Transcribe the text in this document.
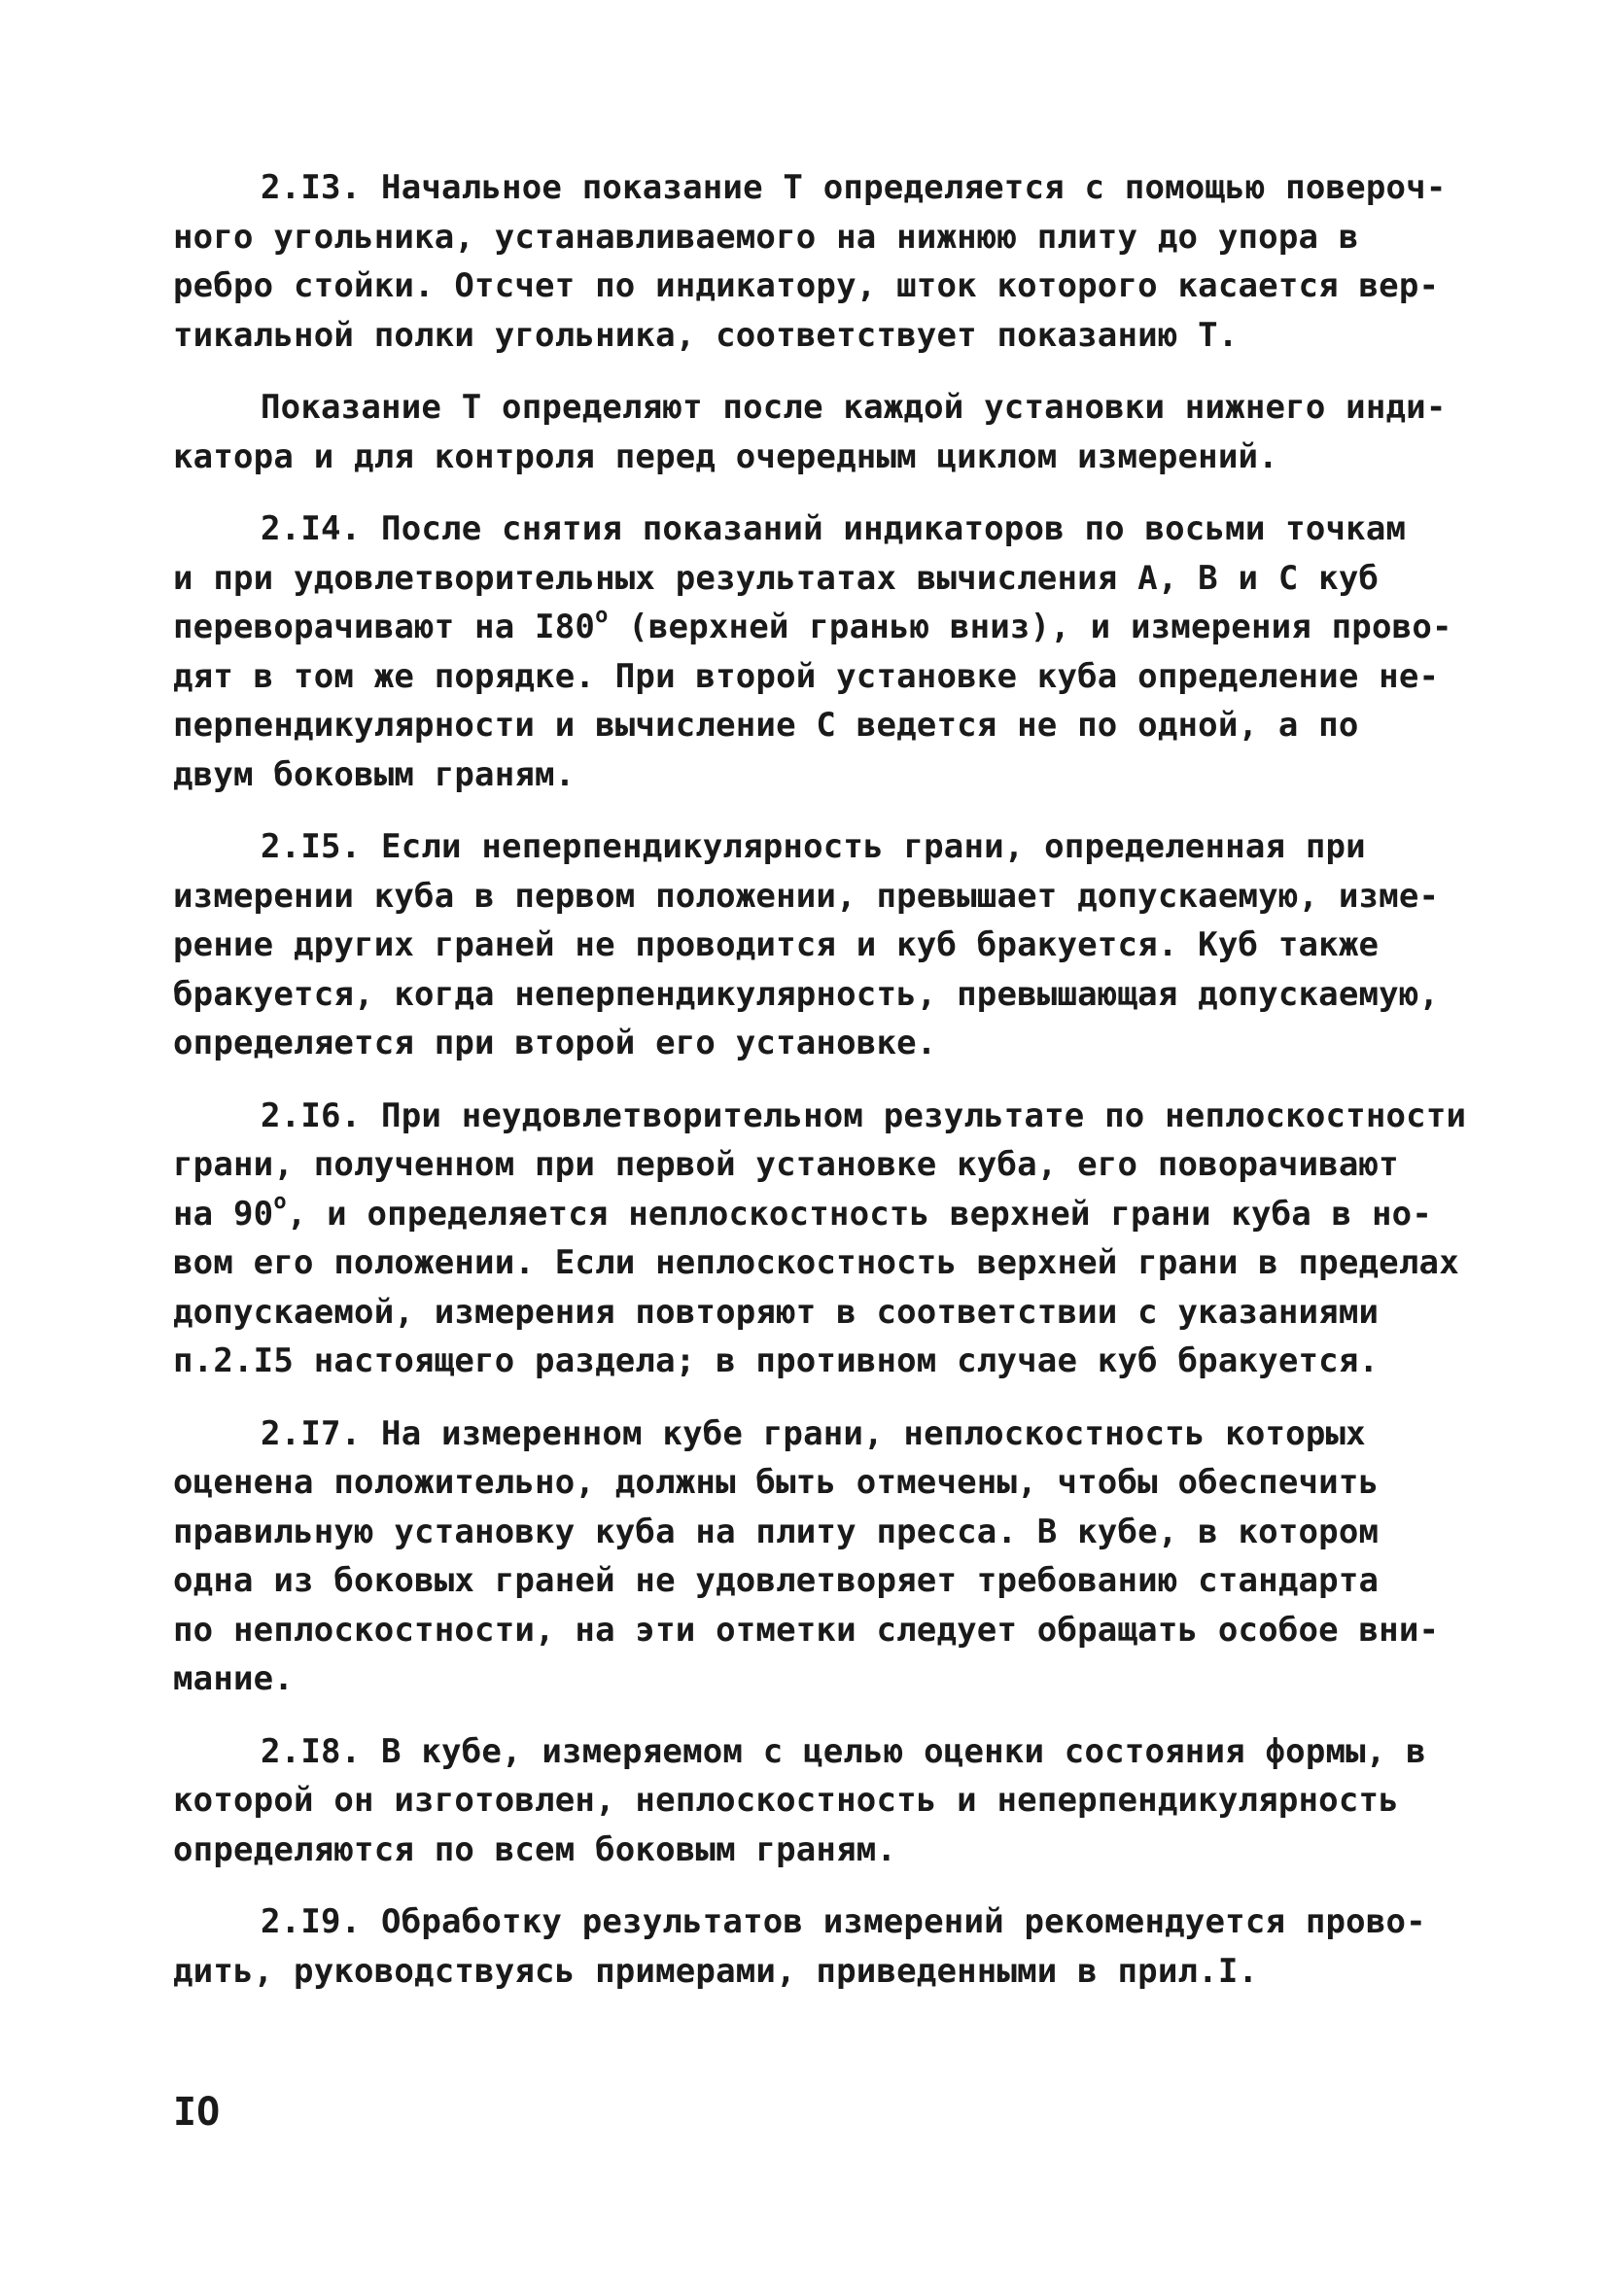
2.I3. Начальное показание Т определяется с помощью повероч-
ного угольника, устанавливаемого на нижнюю плиту до упора в
ребро стойки. Отсчет по индикатору, шток которого касается вер-
тикальной полки угольника, соответствует показанию Т.

Показание Т определяют после каждой установки нижнего инди-
катора и для контроля перед очередным циклом измерений.

2.I4. После снятия показаний индикаторов по восьми точкам
и при удовлетворительных результатах вычисления А, В и С куб
переворачивают на I80$^o$ (верхней гранью вниз), и измерения прово-
дят в том же порядке. При второй установке куба определение не-
перпендикулярности и вычисление С ведется не по одной, а по
двум боковым граням.

2.I5. Если неперпендикулярность грани, определенная при
измерении куба в первом положении, превышает допускаемую, изме-
рение других граней не проводится и куб бракуется. Куб также
бракуется, когда неперпендикулярность, превышающая допускаемую,
определяется при второй его установке.

2.I6. При неудовлетворительном результате по неплоскостности
грани, полученном при первой установке куба, его поворачивают
на 90$^o$, и определяется неплоскостность верхней грани куба в но-
вом его положении. Если неплоскостность верхней грани в пределах
допускаемой, измерения повторяют в соответствии с указаниями
п.2.I5 настоящего раздела; в противном случае куб бракуется.

2.I7. На измеренном кубе грани, неплоскостность которых
оценена положительно, должны быть отмечены, чтобы обеспечить
правильную установку куба на плиту пресса. В кубе, в котором
одна из боковых граней не удовлетворяет требованию стандарта
по неплоскостности, на эти отметки следует обращать особое вни-
мание.

2.I8. В кубе, измеряемом с целью оценки состояния формы, в
которой он изготовлен, неплоскостность и неперпендикулярность
определяются по всем боковым граням.

2.I9. Обработку результатов измерений рекомендуется прово-
дить, руководствуясь примерами, приведенными в прил.I.

IO
